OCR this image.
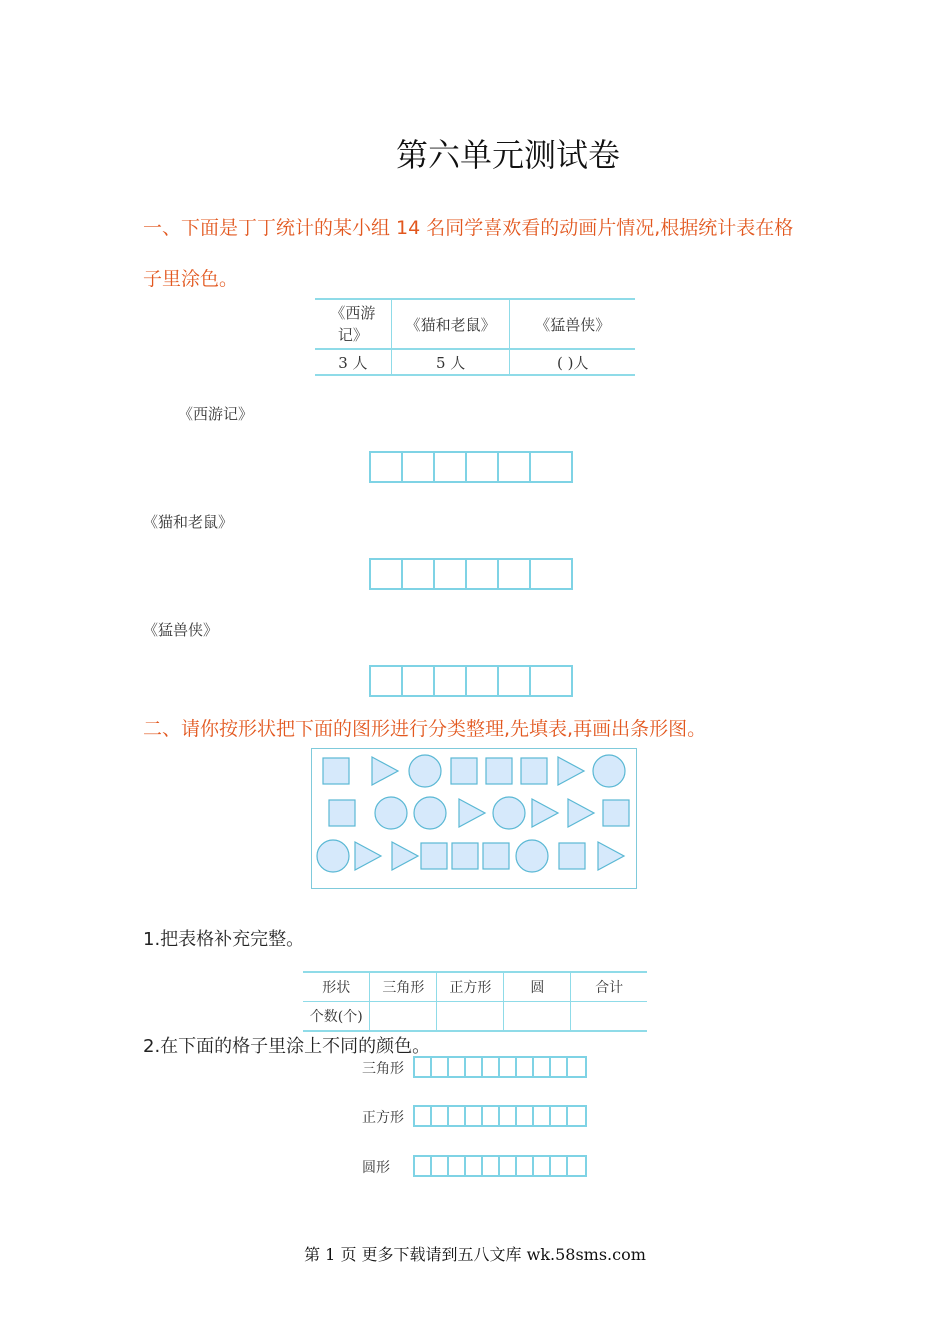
第六单元测试卷
一、下面是丁丁统计的某小组 14 名同学喜欢看的动画片情况,根据统计表在格
子里涂色。
《西游
记》	《猫和老鼠》	《猛兽侠》
3 人	5 人	( )人
《西游记》
《猫和老鼠》
《猛兽侠》
二、请你按形状把下面的图形进行分类整理,先填表,再画出条形图。
1.把表格补充完整。
形状	三角形	正方形	圆	合计
个数(个)				
2.在下面的格子里涂上不同的颜色。
三角形
正方形
圆形
第 1 页 更多下载请到五八文库 wk.58sms.com
